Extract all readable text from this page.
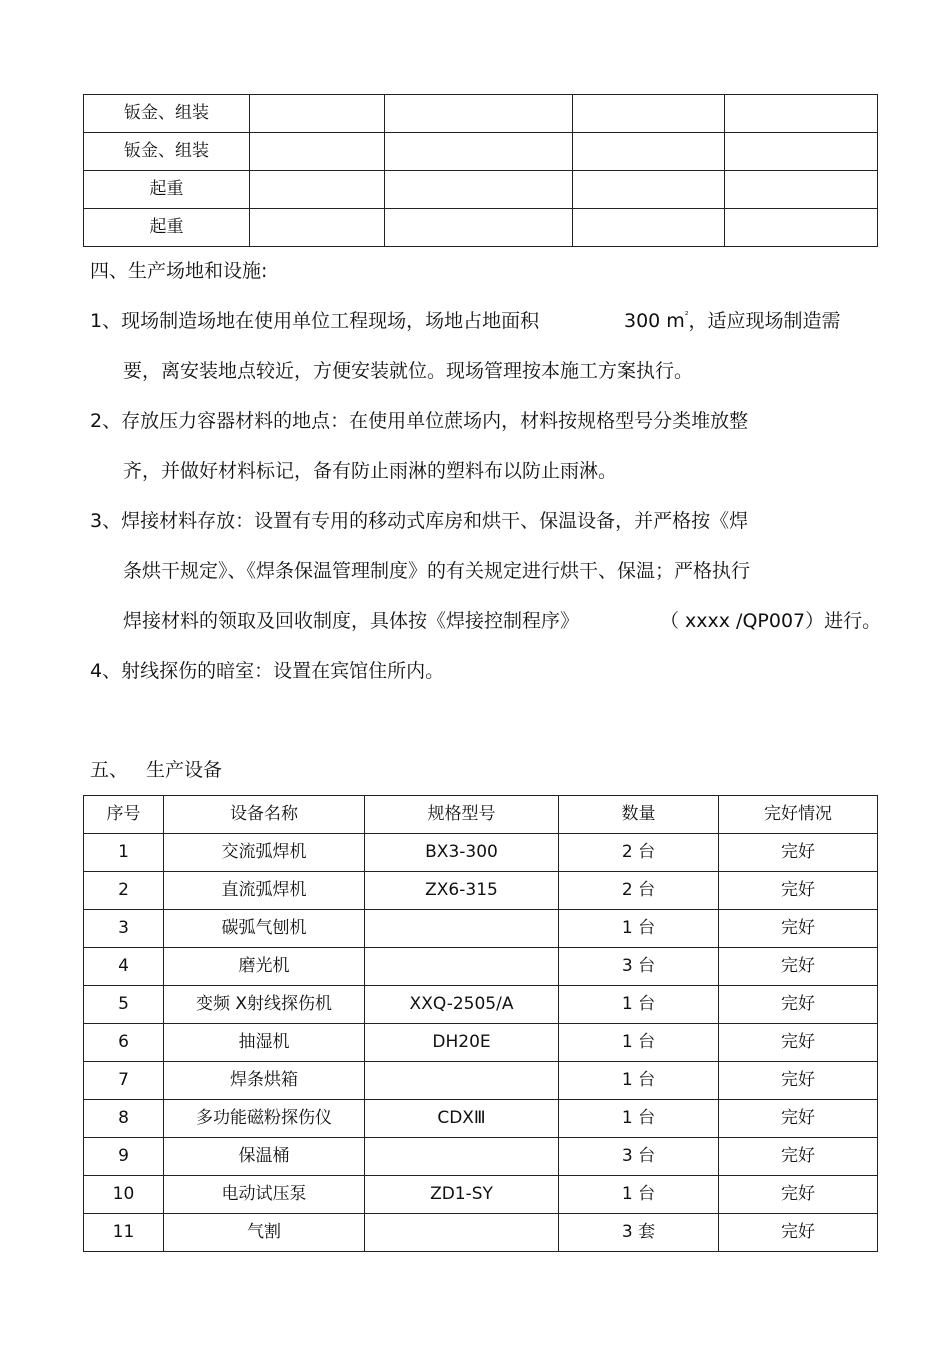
钣金、组装				
钣金、组装				
起重				
起重				
四、生产场地和设施:
1、现场制造场地在使用单位工程现场，场地占地面积	300 $m^{^2}$，适应现场制造需
要，离安装地点较近，方便安装就位。现场管理按本施工方案执行。
2、存放压力容器材料的地点：在使用单位蔗场内，材料按规格型号分类堆放整
齐，并做好材料标记，备有防止雨淋的塑料布以防止雨淋。
3、焊接材料存放：设置有专用的移动式库房和烘干、保温设备，并严格按《焊
条烘干规定》、《焊条保温管理制度》的有关规定进行烘干、保温；严格执行
焊接材料的领取及回收制度，具体按《焊接控制程序》	（ xxxx /QP007）进行。
4、射线探伤的暗室：设置在宾馆住所内。
五、 生产设备
序号	设备名称	规格型号	数量	完好情况
1	交流弧焊机	BX3-300	2 台	完好
2	直流弧焊机	ZX6-315	2 台	完好
3	碳弧气刨机		1 台	完好
4	磨光机		3 台	完好
5	变频 X射线探伤机	XXQ-2505/A	1 台	完好
6	抽湿机	DH20E	1 台	完好
7	焊条烘箱		1 台	完好
8	多功能磁粉探伤仪	CDXⅢ	1 台	完好
9	保温桶		3 台	完好
10	电动试压泵	ZD1-SY	1 台	完好
11	气割		3 套	完好
